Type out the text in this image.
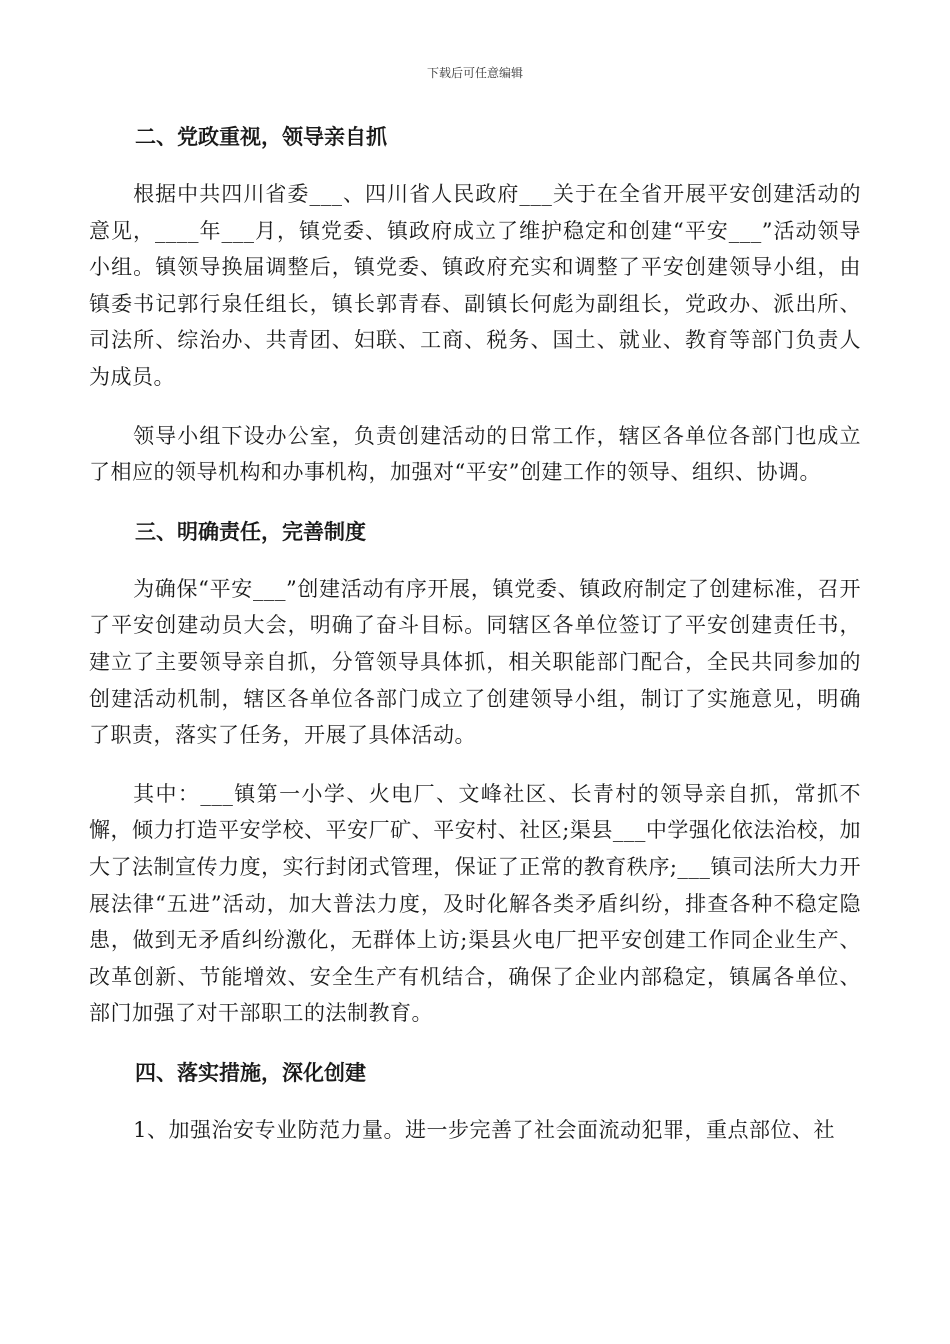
下载后可任意编辑
二、党政重视，领导亲自抓

根据中共四川省委___、四川省人民政府___关于在全省开展平安创建活动的意见，____年___月，镇党委、镇政府成立了维护稳定和创建“平安___”活动领导小组。镇领导换届调整后，镇党委、镇政府充实和调整了平安创建领导小组，由镇委书记郭行泉任组长，镇长郭青春、副镇长何彪为副组长，党政办、派出所、司法所、综治办、共青团、妇联、工商、税务、国土、就业、教育等部门负责人为成员。

领导小组下设办公室，负责创建活动的日常工作，辖区各单位各部门也成立了相应的领导机构和办事机构，加强对“平安”创建工作的领导、组织、协调。

三、明确责任，完善制度

为确保“平安___”创建活动有序开展，镇党委、镇政府制定了创建标准，召开了平安创建动员大会，明确了奋斗目标。同辖区各单位签订了平安创建责任书，建立了主要领导亲自抓，分管领导具体抓，相关职能部门配合，全民共同参加的创建活动机制，辖区各单位各部门成立了创建领导小组，制订了实施意见，明确了职责，落实了任务，开展了具体活动。

其中：___镇第一小学、火电厂、文峰社区、长青村的领导亲自抓，常抓不懈，倾力打造平安学校、平安厂矿、平安村、社区;渠县___中学强化依法治校，加大了法制宣传力度，实行封闭式管理，保证了正常的教育秩序;___镇司法所大力开展法律“五进”活动，加大普法力度，及时化解各类矛盾纠纷，排查各种不稳定隐患，做到无矛盾纠纷激化，无群体上访;渠县火电厂把平安创建工作同企业生产、改革创新、节能增效、安全生产有机结合，确保了企业内部稳定，镇属各单位、部门加强了对干部职工的法制教育。

四、落实措施，深化创建

1、加强治安专业防范力量。进一步完善了社会面流动犯罪，重点部位、社
